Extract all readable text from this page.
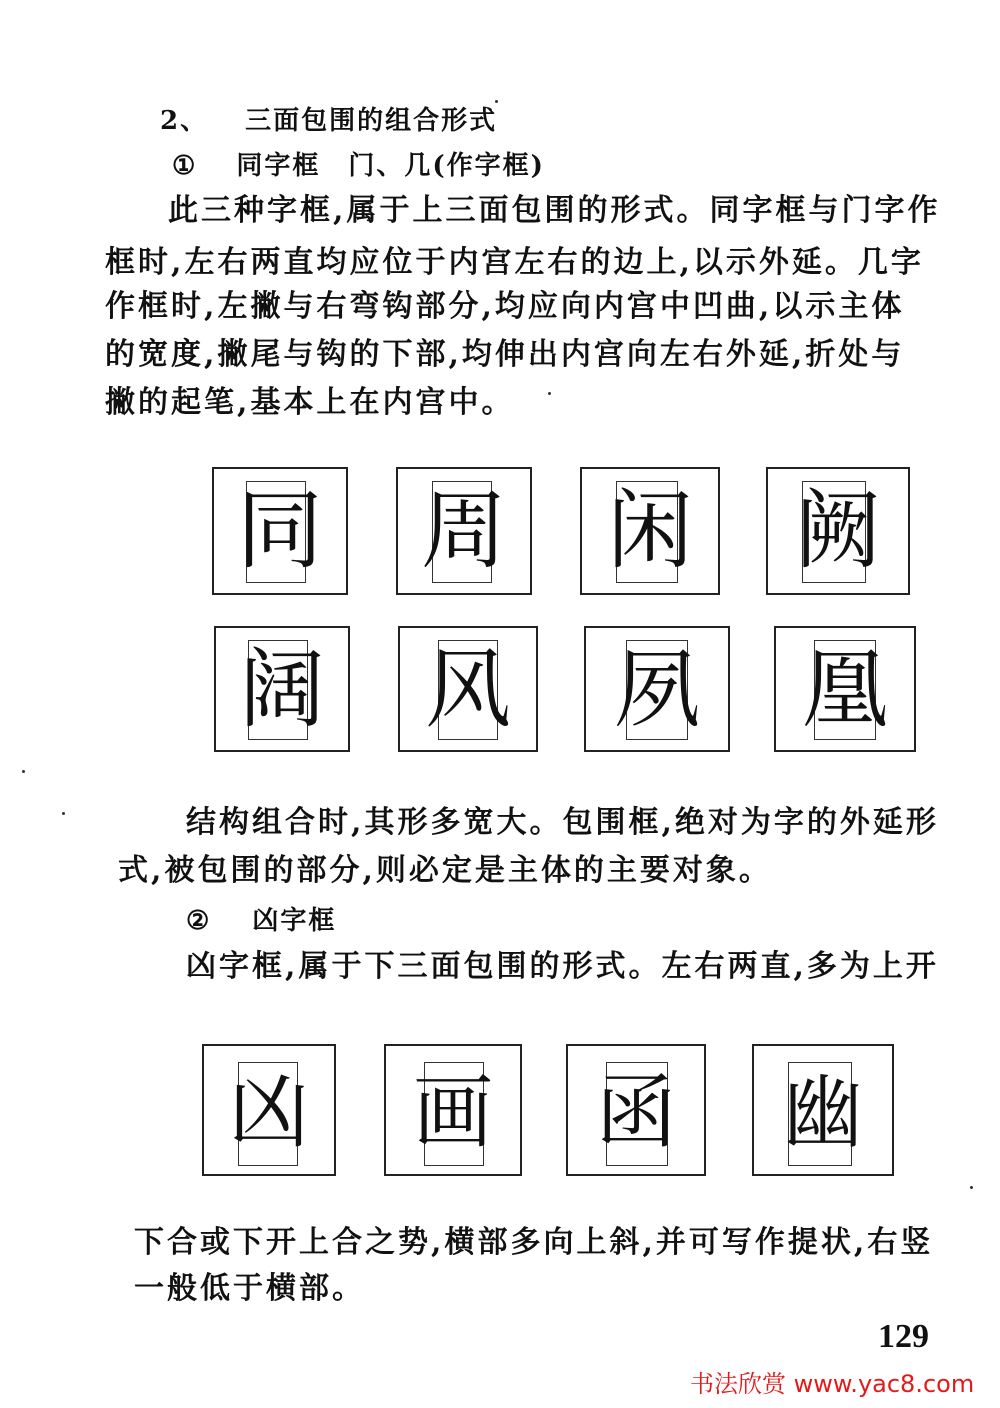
2、 三面包围的组合形式
① 同字框　门、几(作字框)
此三种字框,属于上三面包围的形式。同字框与门字作
框时,左右两直均应位于内宫左右的边上,以示外延。几字
作框时,左撇与右弯钩部分,均应向内宫中凹曲,以示主体
的宽度,撇尾与钩的下部,均伸出内宫向左右外延,折处与
撇的起笔,基本上在内宫中。
同 周 闲	阙
阔 风	夙	凰
结构组合时,其形多宽大。包围框,绝对为字的外延形
式,被包围的部分,则必定是主体的主要对象。
② 凶字框
凶字框,属于下三面包围的形式。左右两直,多为上开
凶	画	函	幽
下合或下开上合之势,横部多向上斜,并可写作提状,右竖
一般低于横部。
129
书法欣赏 www.yac8.com
